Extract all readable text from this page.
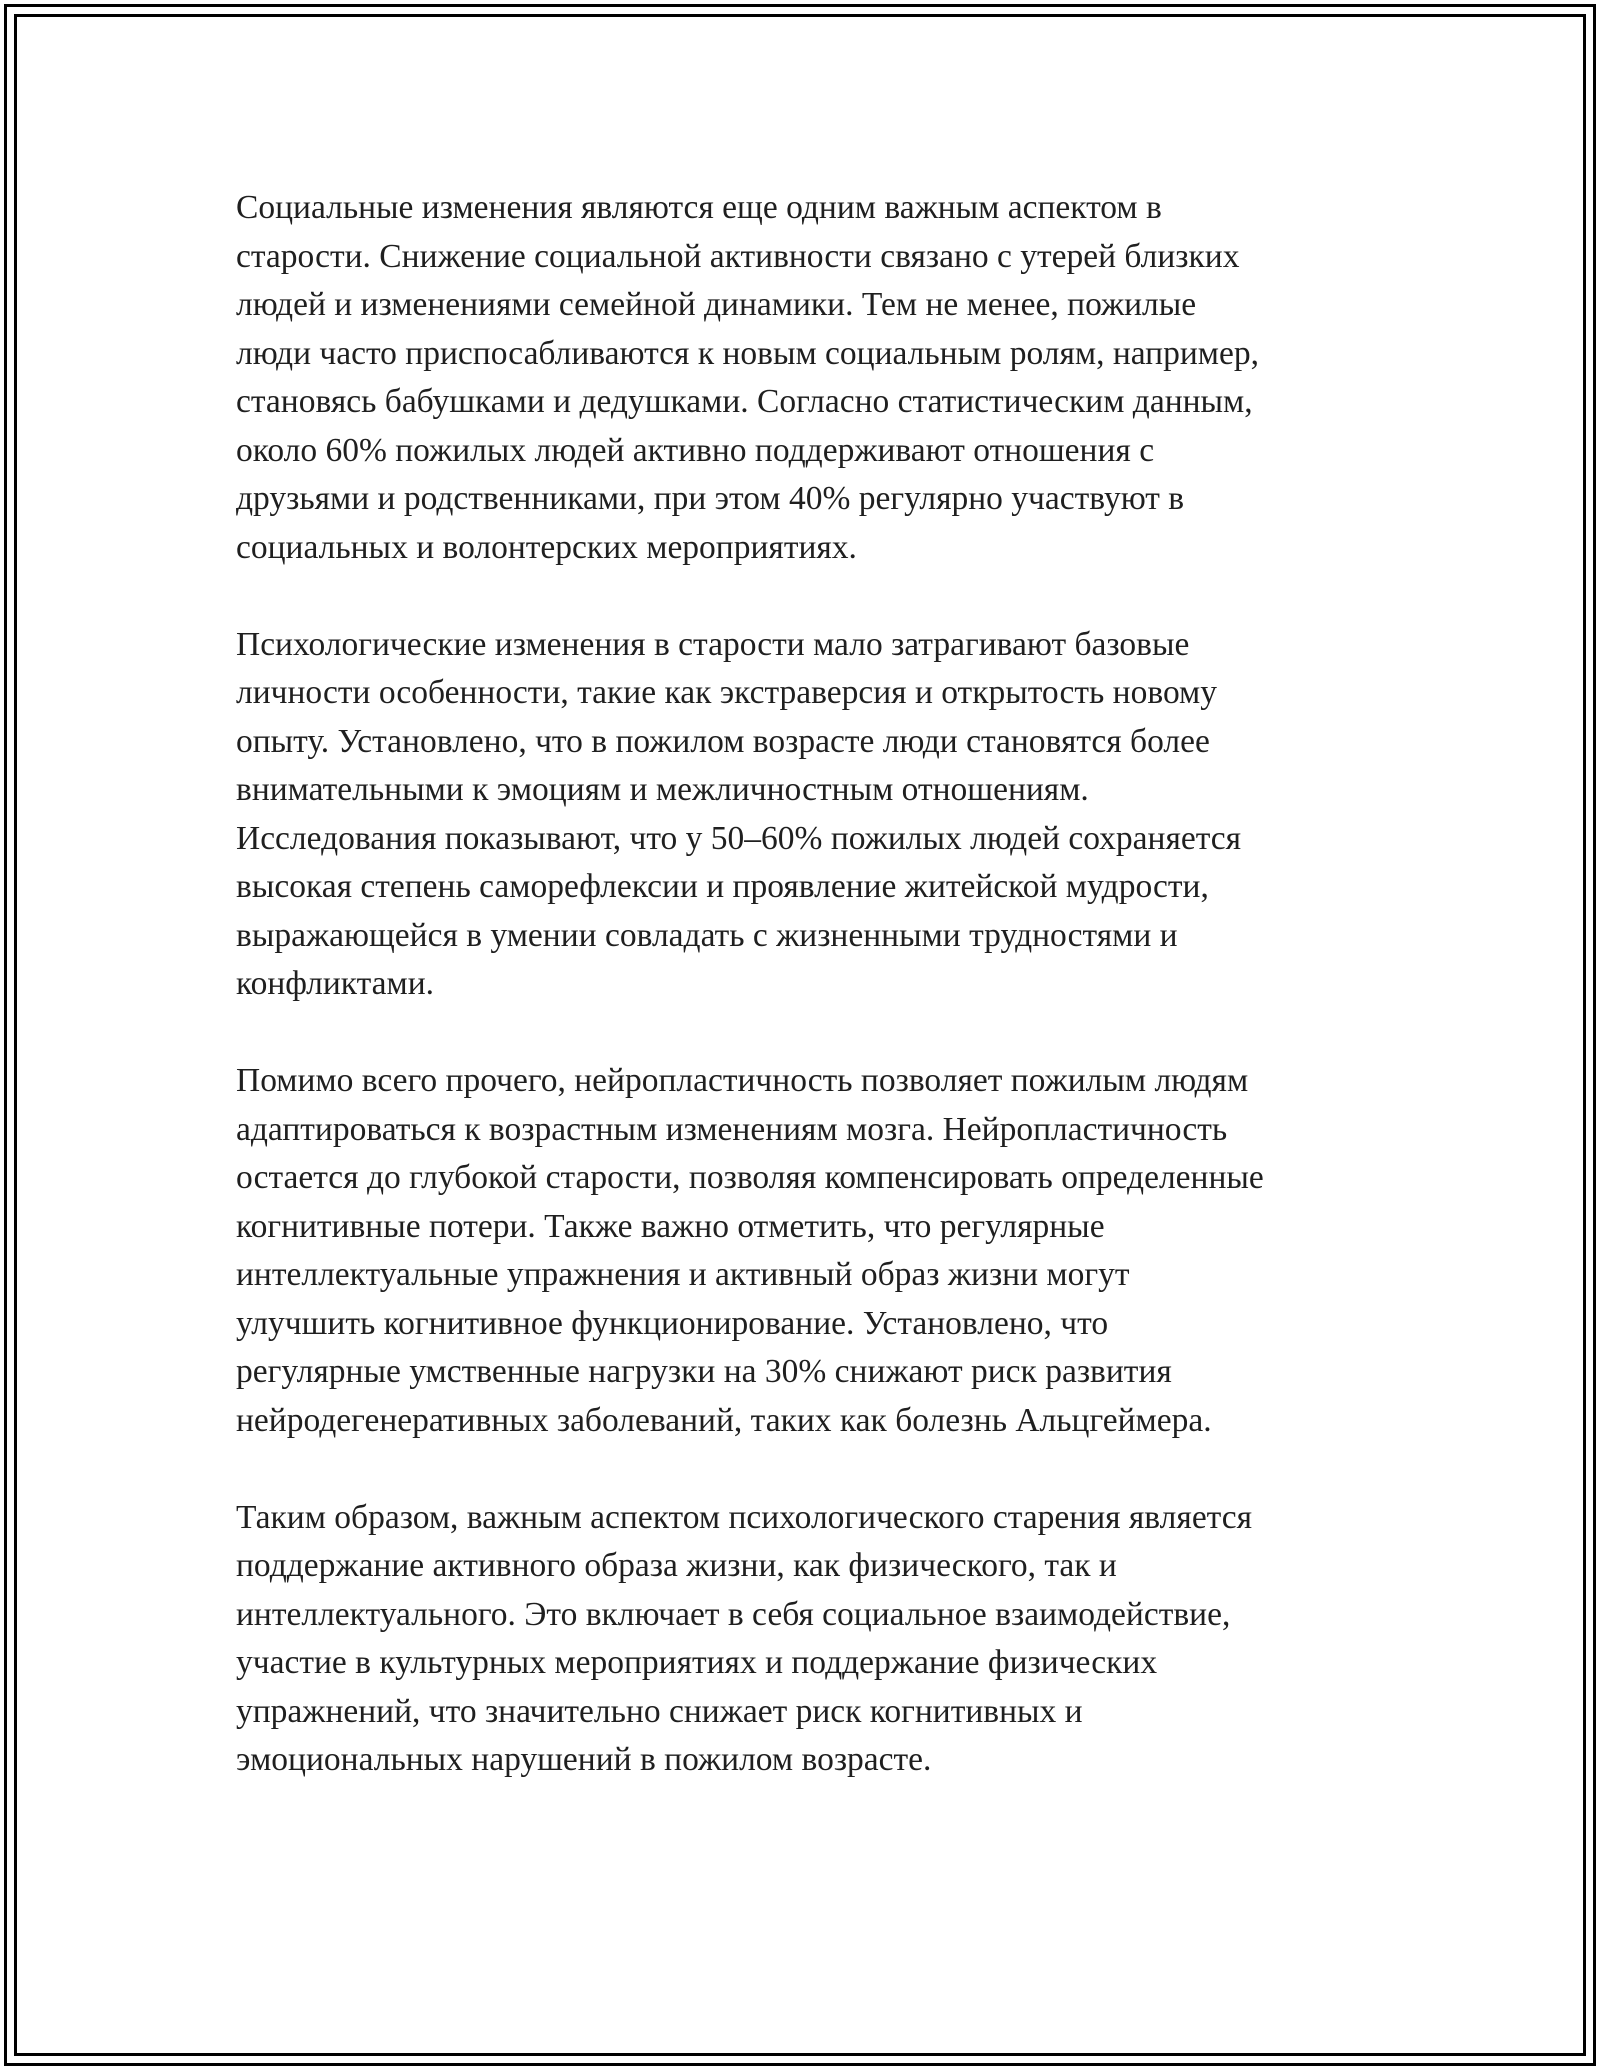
Социальные изменения являются еще одним важным аспектом в
старости. Снижение социальной активности связано с утерей близких
людей и изменениями семейной динамики. Тем не менее, пожилые
люди часто приспосабливаются к новым социальным ролям, например,
становясь бабушками и дедушками. Согласно статистическим данным,
около 60% пожилых людей активно поддерживают отношения с
друзьями и родственниками, при этом 40% регулярно участвуют в
социальных и волонтерских мероприятиях.

Психологические изменения в старости мало затрагивают базовые
личности особенности, такие как экстраверсия и открытость новому
опыту. Установлено, что в пожилом возрасте люди становятся более
внимательными к эмоциям и межличностным отношениям.
Исследования показывают, что у 50–60% пожилых людей сохраняется
высокая степень саморефлексии и проявление житейской мудрости,
выражающейся в умении совладать с жизненными трудностями и
конфликтами.

Помимо всего прочего, нейропластичность позволяет пожилым людям
адаптироваться к возрастным изменениям мозга. Нейропластичность
остается до глубокой старости, позволяя компенсировать определенные
когнитивные потери. Также важно отметить, что регулярные
интеллектуальные упражнения и активный образ жизни могут
улучшить когнитивное функционирование. Установлено, что
регулярные умственные нагрузки на 30% снижают риск развития
нейродегенеративных заболеваний, таких как болезнь Альцгеймера.

Таким образом, важным аспектом психологического старения является
поддержание активного образа жизни, как физического, так и
интеллектуального. Это включает в себя социальное взаимодействие,
участие в культурных мероприятиях и поддержание физических
упражнений, что значительно снижает риск когнитивных и
эмоциональных нарушений в пожилом возрасте.
